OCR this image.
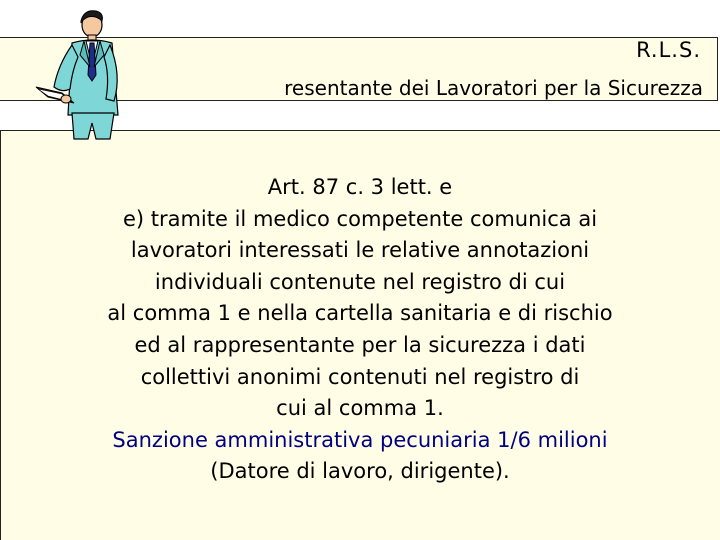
R.L.S.
resentante dei Lavoratori per la Sicurezza
Art. 87 c. 3 lett. e
e) tramite il medico competente comunica ai
lavoratori interessati le relative annotazioni
individuali contenute nel registro di cui
al comma 1 e nella cartella sanitaria e di rischio
ed al rappresentante per la sicurezza i dati
collettivi anonimi contenuti nel registro di
cui al comma 1.
Sanzione amministrativa pecuniaria 1/6 milioni
(Datore di lavoro, dirigente).
